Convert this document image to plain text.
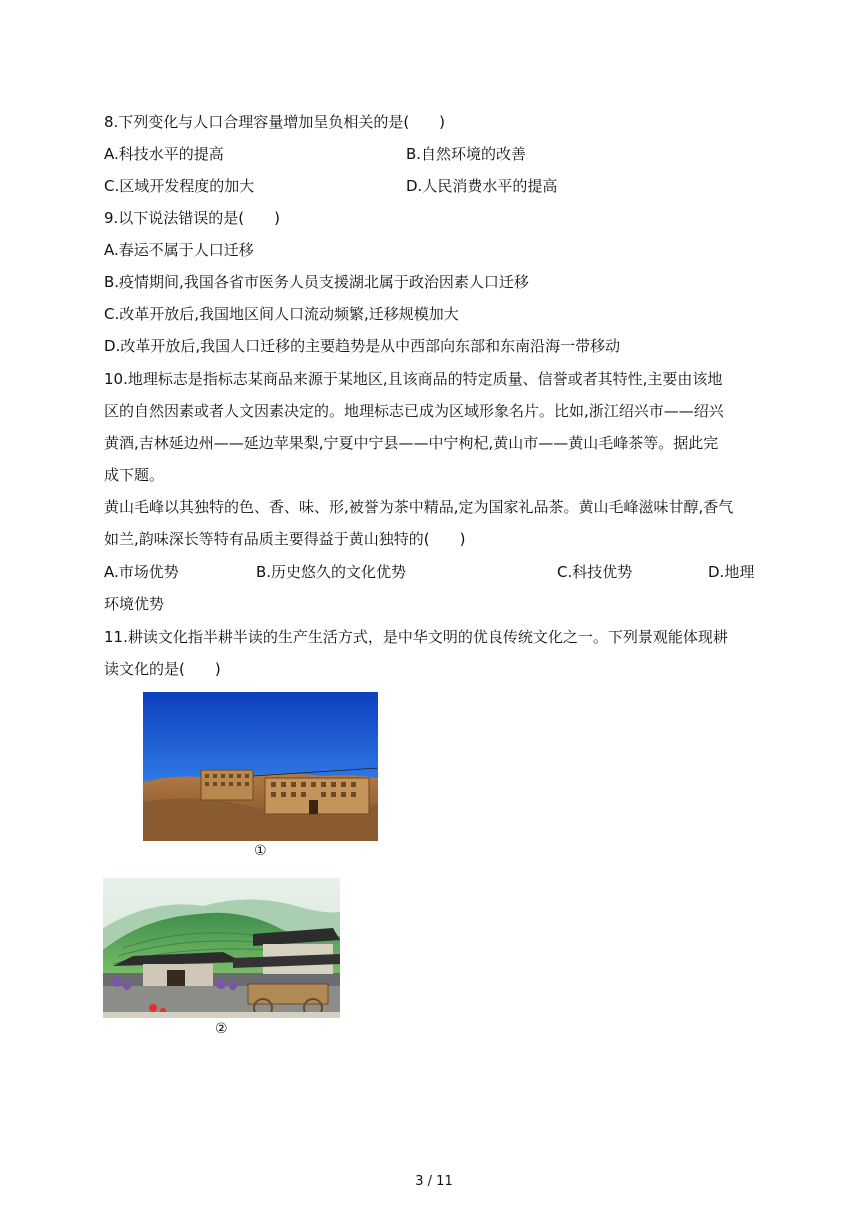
8.下列变化与人口合理容量增加呈负相关的是(　　)
A.科技水平的提高	B.自然环境的改善
C.区域开发程度的加大	D.人民消费水平的提高
9.以下说法错误的是(　　)
A.春运不属于人口迁移
B.疫情期间,我国各省市医务人员支援湖北属于政治因素人口迁移
C.改革开放后,我国地区间人口流动频繁,迁移规模加大
D.改革开放后,我国人口迁移的主要趋势是从中西部向东部和东南沿海一带移动
10.地理标志是指标志某商品来源于某地区,且该商品的特定质量、信誉或者其特性,主要由该地
区的自然因素或者人文因素决定的。地理标志已成为区域形象名片。比如,浙江绍兴市——绍兴
黄酒,吉林延边州——延边苹果梨,宁夏中宁县——中宁枸杞,黄山市——黄山毛峰茶等。据此完
成下题。
黄山毛峰以其独特的色、香、味、形,被誉为茶中精品,定为国家礼品茶。黄山毛峰滋味甘醇,香气
如兰,韵味深长等特有品质主要得益于黄山独特的(　　)
A.市场优势	B.历史悠久的文化优势	C.科技优势	D.地理
环境优势
11.耕读文化指半耕半读的生产生活方式，是中华文明的优良传统文化之一。下列景观能体现耕
读文化的是(　　)
①
②
3 / 11
